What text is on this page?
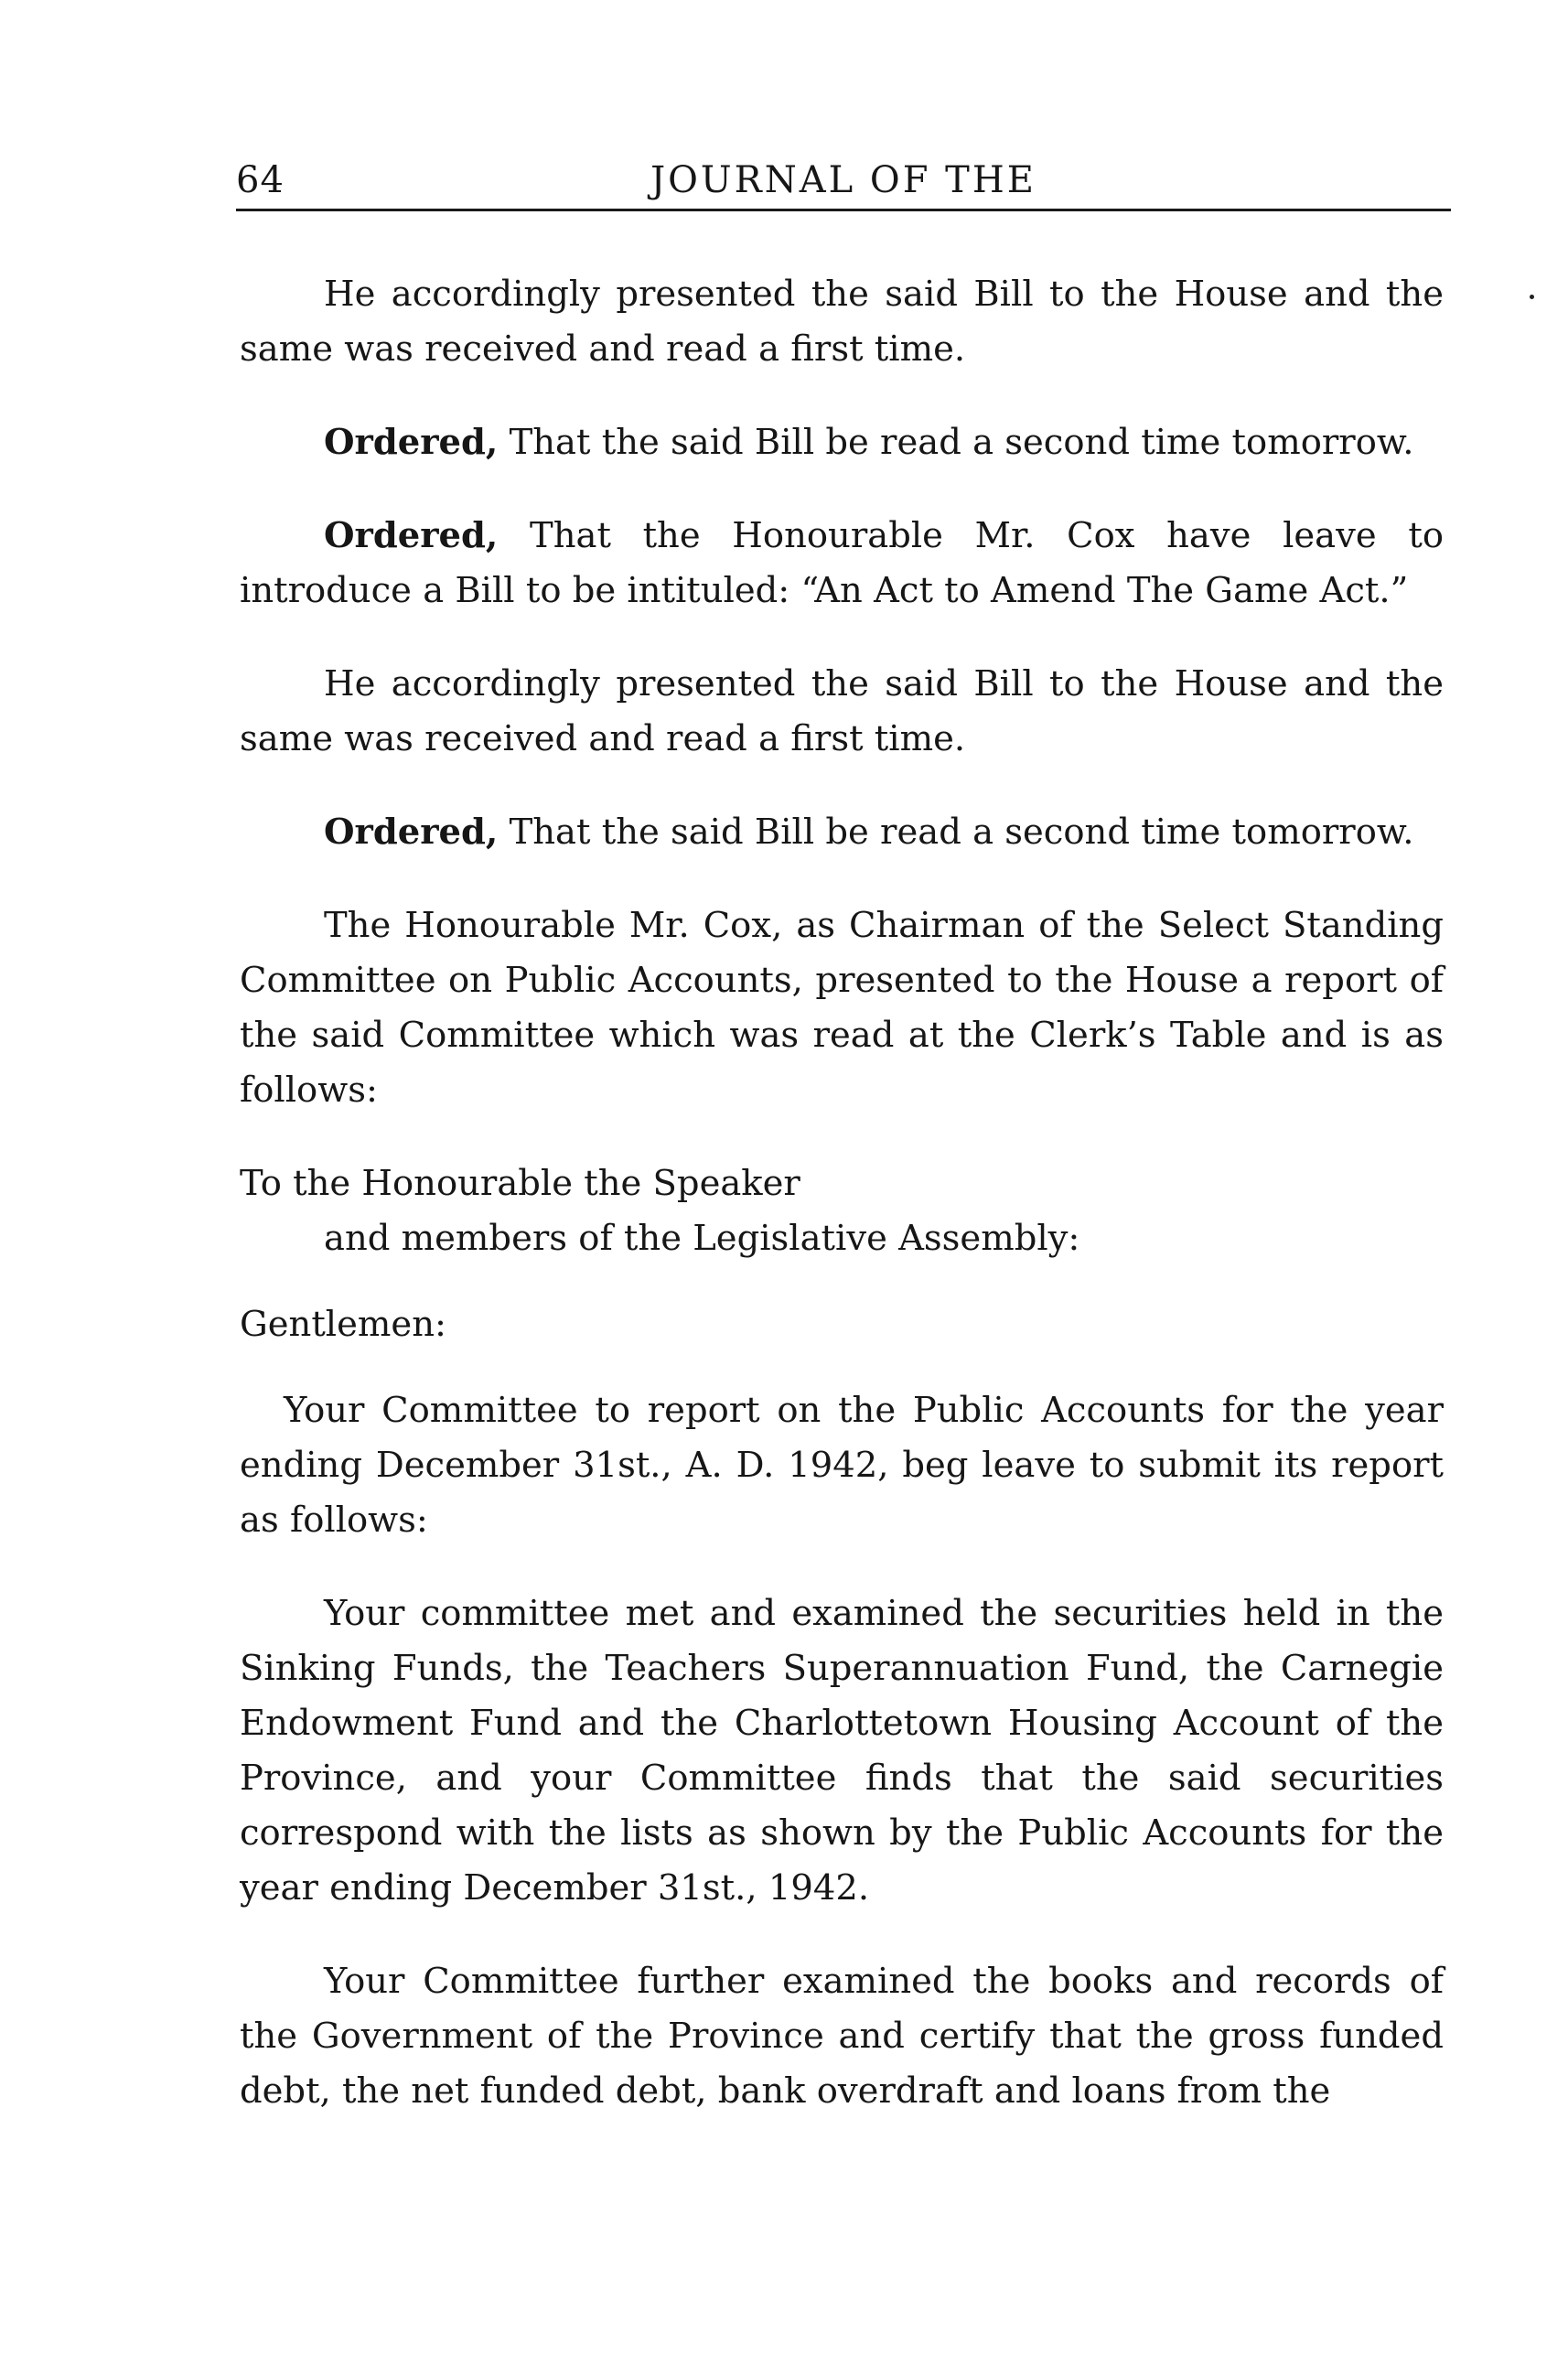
64	JOURNAL OF THE

He accordingly presented the said Bill to the House and the same was received and read a first time.

Ordered, That the said Bill be read a second time tomorrow.

Ordered, That the Honourable Mr. Cox have leave to introduce a Bill to be intituled: “An Act to Amend The Game Act.”

He accordingly presented the said Bill to the House and the same was received and read a first time.

Ordered, That the said Bill be read a second time tomorrow.

The Honourable Mr. Cox, as Chairman of the Select Standing Committee on Public Accounts, presented to the House a report of the said Committee which was read at the Clerk’s Table and is as follows:

To the Honourable the Speaker

and members of the Legislative Assembly:

Gentlemen:

Your Committee to report on the Public Accounts for the year ending December 31st., A. D. 1942, beg leave to submit its report as follows:

Your committee met and examined the securities held in the Sinking Funds, the Teachers Superannuation Fund, the Carnegie Endowment Fund and the Charlottetown Housing Account of the Province, and your Committee finds that the said securities correspond with the lists as shown by the Public Accounts for the year ending December 31st., 1942.

Your Committee further examined the books and records of the Government of the Province and certify that the gross funded debt, the net funded debt, bank overdraft and loans from the
